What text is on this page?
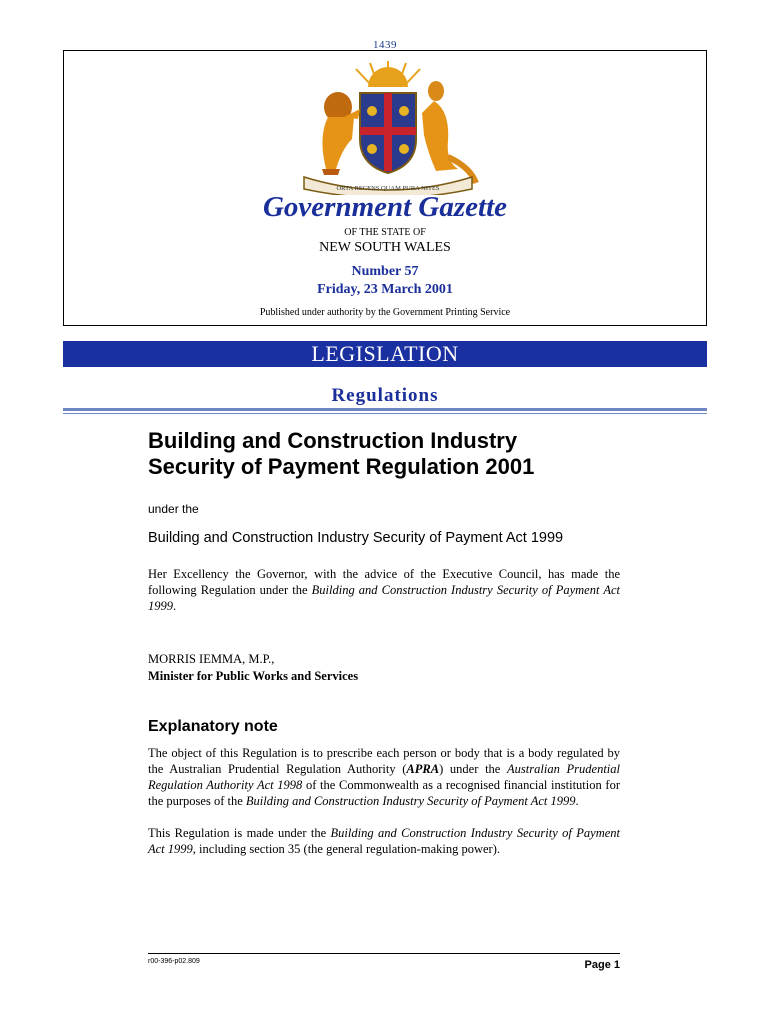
1439
ORTA RECENS QUAM PURA NITES
Government Gazette
OF THE STATE OF
NEW SOUTH WALES
Number 57
Friday, 23 March 2001
Published under authority by the Government Printing Service
LEGISLATION
Regulations
Building and Construction Industry
Security of Payment Regulation 2001
under the
Building and Construction Industry Security of Payment Act 1999

Her Excellency the Governor, with the advice of the Executive Council, has made the following Regulation under the Building and Construction Industry Security of Payment Act 1999.

MORRIS IEMMA, M.P.,
Minister for Public Works and Services
Explanatory note

The object of this Regulation is to prescribe each person or body that is a body regulated by the Australian Prudential Regulation Authority (APRA) under the Australian Prudential Regulation Authority Act 1998 of the Commonwealth as a recognised financial institution for the purposes of the Building and Construction Industry Security of Payment Act 1999.

This Regulation is made under the Building and Construction Industry Security of Payment Act 1999, including section 35 (the general regulation-making power).

r00-396-p02.809	Page 1
